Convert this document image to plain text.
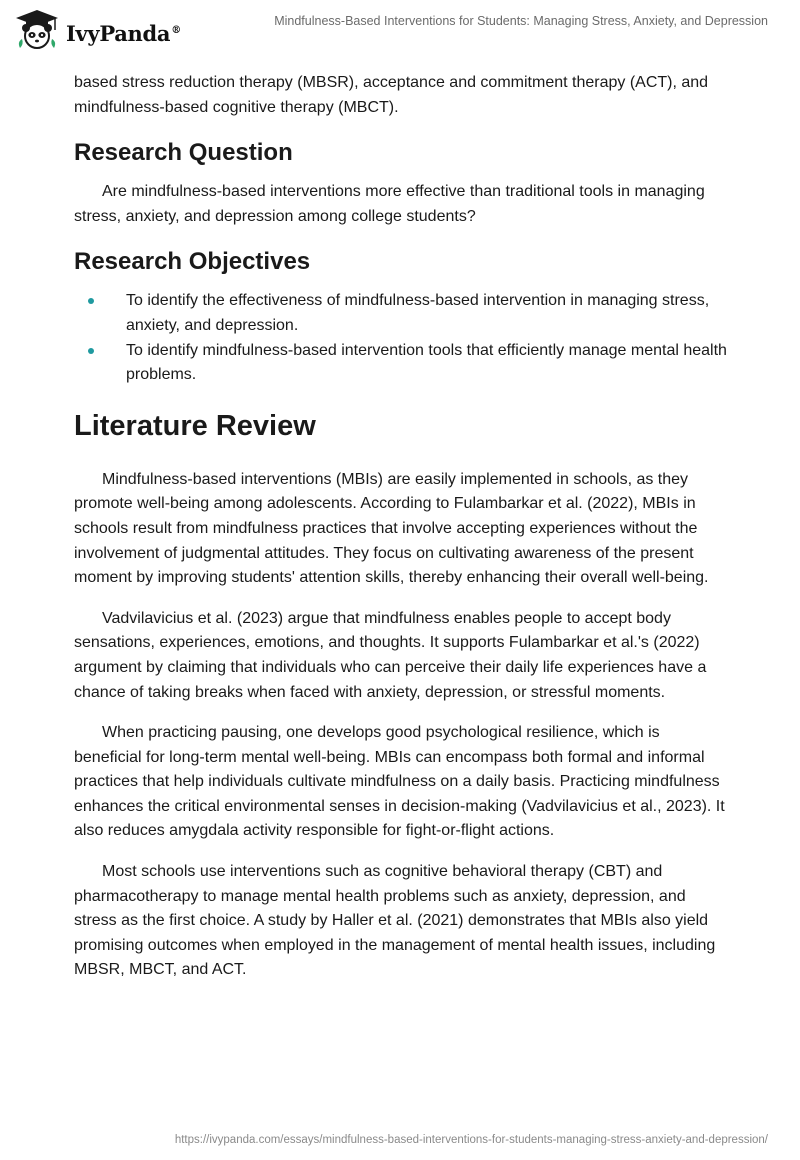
IvyPanda®
Mindfulness-Based Interventions for Students: Managing Stress, Anxiety, and Depression

based stress reduction therapy (MBSR), acceptance and commitment therapy (ACT), and mindfulness-based cognitive therapy (MBCT).

Research Question

Are mindfulness-based interventions more effective than traditional tools in managing stress, anxiety, and depression among college students?

Research Objectives
To identify the effectiveness of mindfulness-based intervention in managing stress, anxiety, and depression.
To identify mindfulness-based intervention tools that efficiently manage mental health problems.
Literature Review

Mindfulness-based interventions (MBIs) are easily implemented in schools, as they promote well-being among adolescents. According to Fulambarkar et al. (2022), MBIs in schools result from mindfulness practices that involve accepting experiences without the involvement of judgmental attitudes. They focus on cultivating awareness of the present moment by improving students' attention skills, thereby enhancing their overall well-being.

Vadvilavicius et al. (2023) argue that mindfulness enables people to accept body sensations, experiences, emotions, and thoughts. It supports Fulambarkar et al.'s (2022) argument by claiming that individuals who can perceive their daily life experiences have a chance of taking breaks when faced with anxiety, depression, or stressful moments.

When practicing pausing, one develops good psychological resilience, which is beneficial for long-term mental well-being. MBIs can encompass both formal and informal practices that help individuals cultivate mindfulness on a daily basis. Practicing mindfulness enhances the critical environmental senses in decision-making (Vadvilavicius et al., 2023). It also reduces amygdala activity responsible for fight-or-flight actions.

Most schools use interventions such as cognitive behavioral therapy (CBT) and pharmacotherapy to manage mental health problems such as anxiety, depression, and stress as the first choice. A study by Haller et al. (2021) demonstrates that MBIs also yield promising outcomes when employed in the management of mental health issues, including MBSR, MBCT, and ACT.

https://ivypanda.com/essays/mindfulness-based-interventions-for-students-managing-stress-anxiety-and-depression/
